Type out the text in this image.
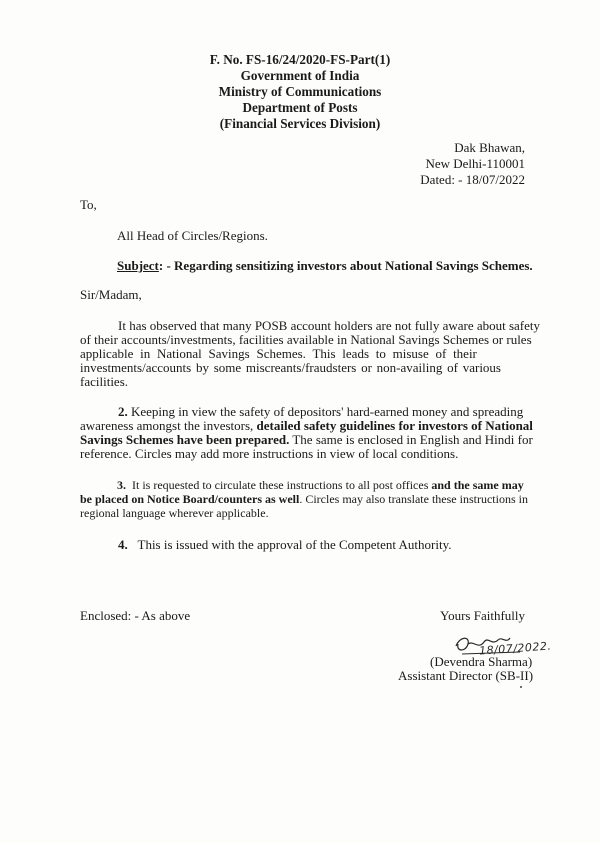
F. No. FS-16/24/2020-FS-Part(1)
Government of India
Ministry of Communications
Department of Posts
(Financial Services Division)
Dak Bhawan,
New Delhi-110001
Dated: - 18/07/2022
To,
All Head of Circles/Regions.
Subject: - Regarding sensitizing investors about National Savings Schemes.
Sir/Madam,
It has observed that many POSB account holders are not fully aware about safety
of their accounts/investments, facilities available in National Savings Schemes or rules
applicable in National Savings Schemes. This leads to misuse of their
investments/accounts by some miscreants/fraudsters or non-availing of various
facilities.
2. Keeping in view the safety of depositors' hard-earned money and spreading
awareness amongst the investors, detailed safety guidelines for investors of National
Savings Schemes have been prepared. The same is enclosed in English and Hindi for
reference. Circles may add more instructions in view of local conditions.
3. It is requested to circulate these instructions to all post offices and the same may
be placed on Notice Board/counters as well. Circles may also translate these instructions in
regional language wherever applicable.
4. This is issued with the approval of the Competent Authority.
Enclosed: - As above	Yours Faithfully
18/07/2022.
(Devendra Sharma)
Assistant Director (SB-II)
